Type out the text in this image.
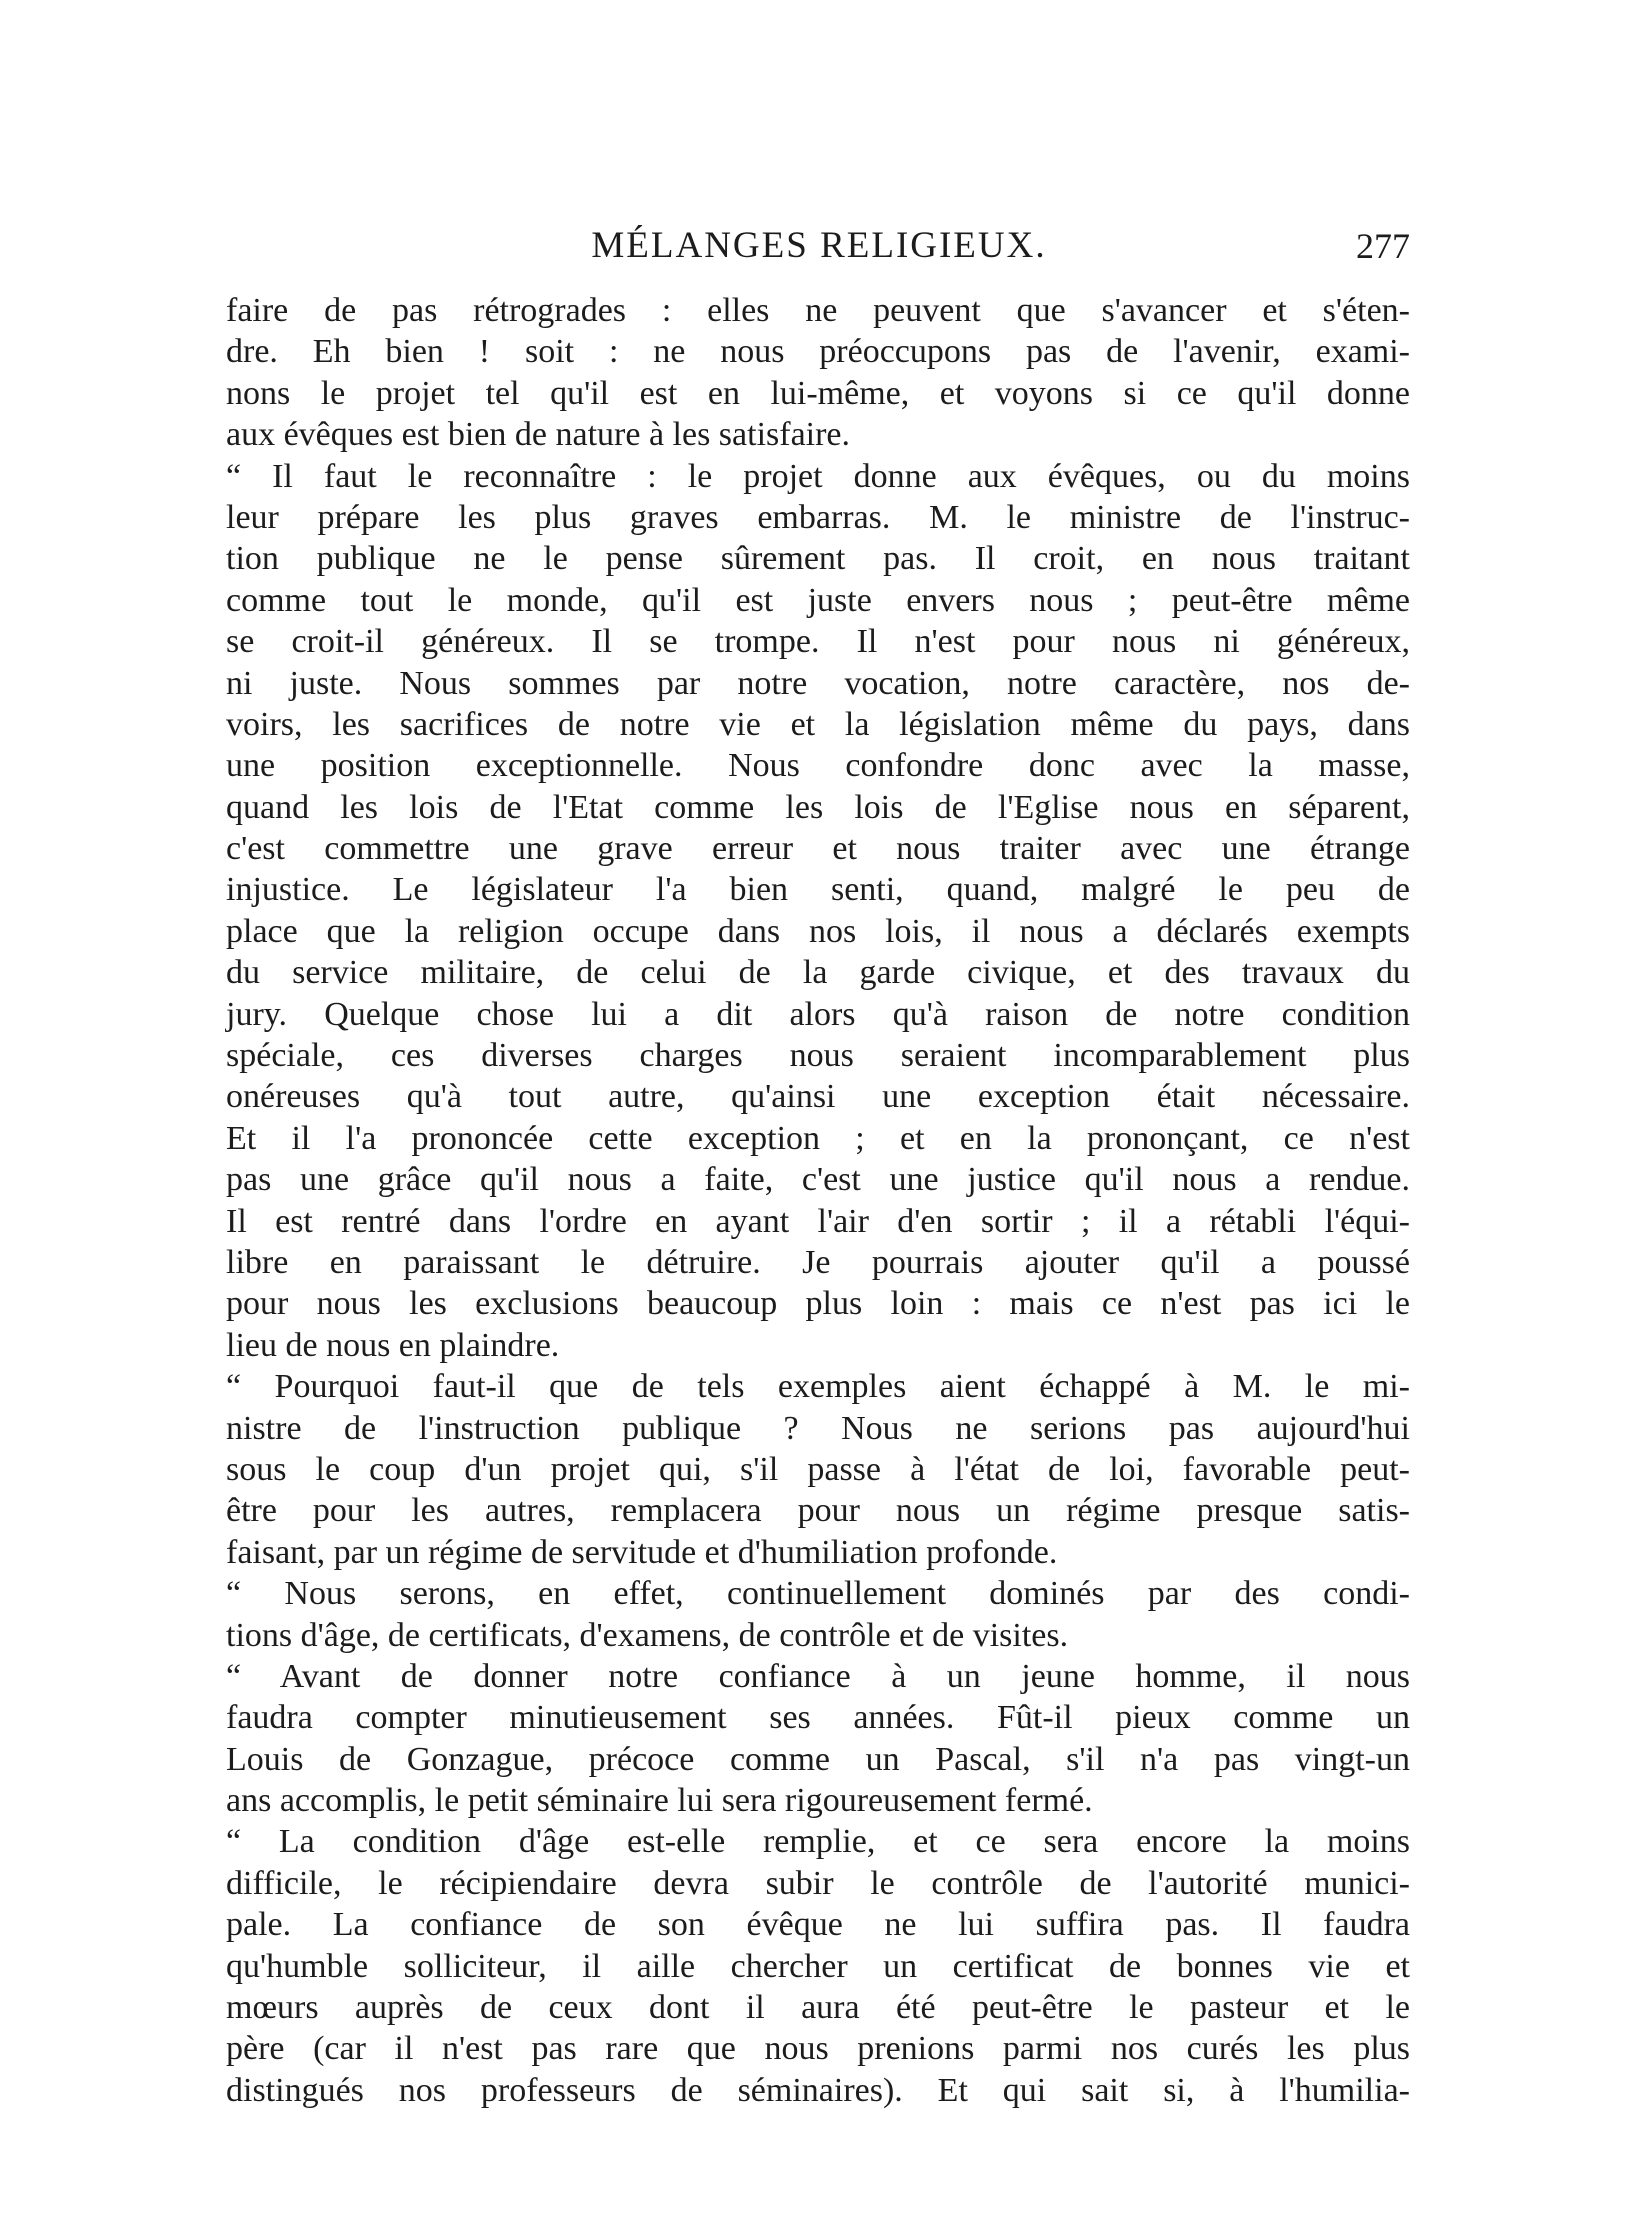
MÉLANGES RELIGIEUX.	277
faire de pas rétrogrades : elles ne peuvent que s'avancer et s'éten-
dre. Eh bien ! soit : ne nous préoccupons pas de l'avenir, exami-
nons le projet tel qu'il est en lui-même, et voyons si ce qu'il donne
aux évêques est bien de nature à les satisfaire.
“ Il faut le reconnaître : le projet donne aux évêques, ou du moins
leur prépare les plus graves embarras. M. le ministre de l'instruc-
tion publique ne le pense sûrement pas. Il croit, en nous traitant
comme tout le monde, qu'il est juste envers nous ; peut-être même
se croit-il généreux. Il se trompe. Il n'est pour nous ni généreux,
ni juste. Nous sommes par notre vocation, notre caractère, nos de-
voirs, les sacrifices de notre vie et la législation même du pays, dans
une position exceptionnelle. Nous confondre donc avec la masse,
quand les lois de l'Etat comme les lois de l'Eglise nous en séparent,
c'est commettre une grave erreur et nous traiter avec une étrange
injustice. Le législateur l'a bien senti, quand, malgré le peu de
place que la religion occupe dans nos lois, il nous a déclarés exempts
du service militaire, de celui de la garde civique, et des travaux du
jury. Quelque chose lui a dit alors qu'à raison de notre condition
spéciale, ces diverses charges nous seraient incomparablement plus
onéreuses qu'à tout autre, qu'ainsi une exception était nécessaire.
Et il l'a prononcée cette exception ; et en la prononçant, ce n'est
pas une grâce qu'il nous a faite, c'est une justice qu'il nous a rendue.
Il est rentré dans l'ordre en ayant l'air d'en sortir ; il a rétabli l'équi-
libre en paraissant le détruire. Je pourrais ajouter qu'il a poussé
pour nous les exclusions beaucoup plus loin : mais ce n'est pas ici le
lieu de nous en plaindre.
“ Pourquoi faut-il que de tels exemples aient échappé à M. le mi-
nistre de l'instruction publique ? Nous ne serions pas aujourd'hui
sous le coup d'un projet qui, s'il passe à l'état de loi, favorable peut-
être pour les autres, remplacera pour nous un régime presque satis-
faisant, par un régime de servitude et d'humiliation profonde.
“ Nous serons, en effet, continuellement dominés par des condi-
tions d'âge, de certificats, d'examens, de contrôle et de visites.
“ Avant de donner notre confiance à un jeune homme, il nous
faudra compter minutieusement ses années. Fût-il pieux comme un
Louis de Gonzague, précoce comme un Pascal, s'il n'a pas vingt-un
ans accomplis, le petit séminaire lui sera rigoureusement fermé.
“ La condition d'âge est-elle remplie, et ce sera encore la moins
difficile, le récipiendaire devra subir le contrôle de l'autorité munici-
pale. La confiance de son évêque ne lui suffira pas. Il faudra
qu'humble solliciteur, il aille chercher un certificat de bonnes vie et
mœurs auprès de ceux dont il aura été peut-être le pasteur et le
père (car il n'est pas rare que nous prenions parmi nos curés les plus
distingués nos professeurs de séminaires). Et qui sait si, à l'humilia-
